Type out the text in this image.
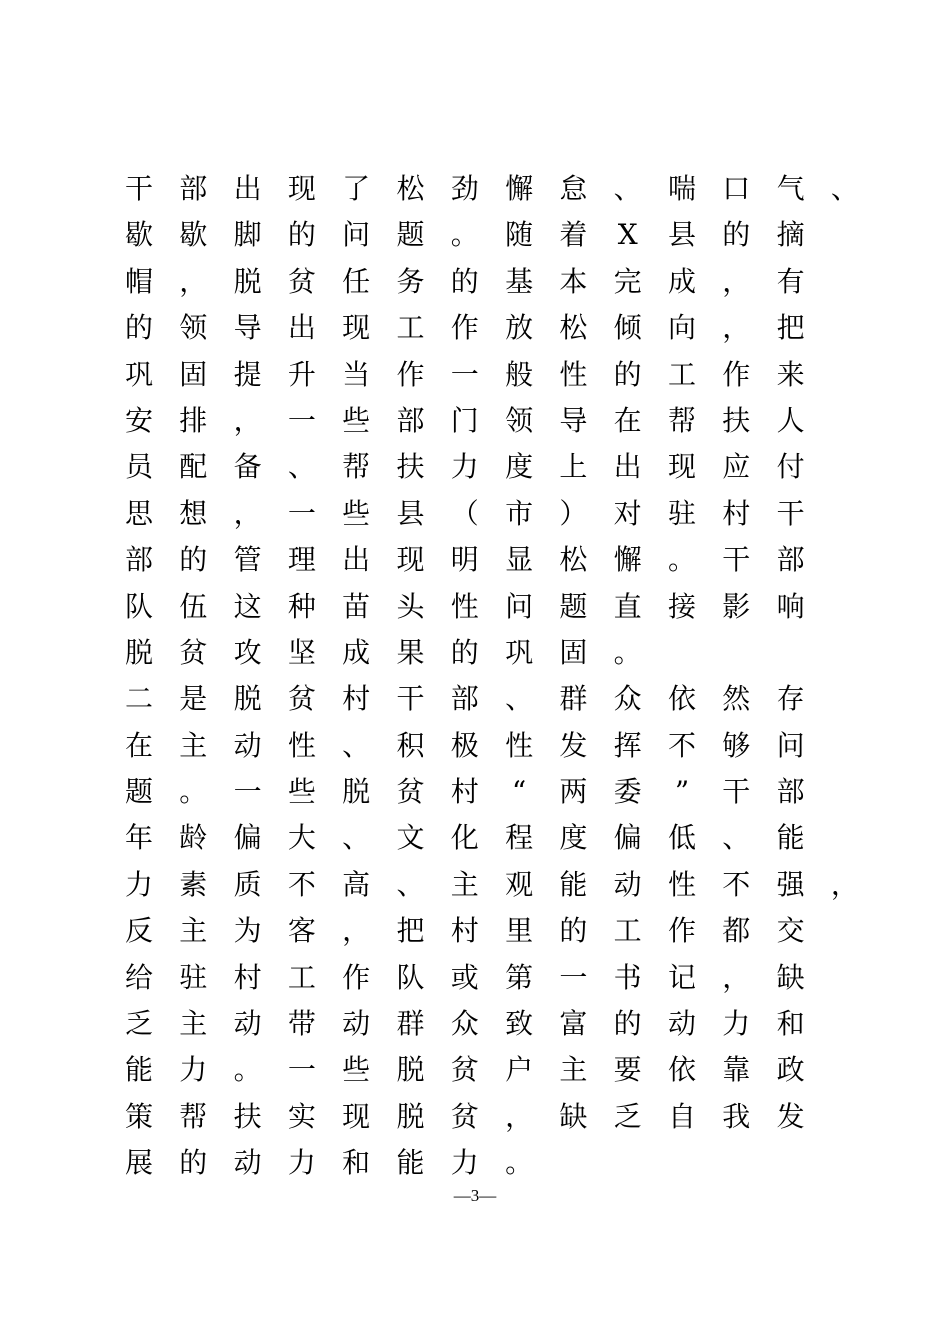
干 部 出 现 了 松 劲 懈 怠 、 喘 口 气 、
歇 歇 脚 的 问 题 。 随 着 X 县 的 摘
帽 ， 脱 贫 任 务 的 基 本 完 成 ， 有
的 领 导 出 现 工 作 放 松 倾 向 ， 把
巩 固 提 升 当 作 一 般 性 的 工 作 来
安 排 ， 一 些 部 门 领 导 在 帮 扶 人
员 配 备 、 帮 扶 力 度 上 出 现 应 付
思 想 ， 一 些 县 （ 市 ） 对 驻 村 干
部 的 管 理 出 现 明 显 松 懈 。 干 部
队 伍 这 种 苗 头 性 问 题 直 接 影 响
脱 贫 攻 坚 成 果 的 巩 固 。
二 是 脱 贫 村 干 部 、 群 众 依 然 存
在 主 动 性 、 积 极 性 发 挥 不 够 问
题 。 一 些 脱 贫 村 “ 两 委 ” 干 部
年 龄 偏 大 、 文 化 程 度 偏 低 、 能
力 素 质 不 高 、 主 观 能 动 性 不 强 ，
反 主 为 客 ， 把 村 里 的 工 作 都 交
给 驻 村 工 作 队 或 第 一 书 记 ， 缺
乏 主 动 带 动 群 众 致 富 的 动 力 和
能 力 。 一 些 脱 贫 户 主 要 依 靠 政
策 帮 扶 实 现 脱 贫 ， 缺 乏 自 我 发
展 的 动 力 和 能 力 。
—3—
